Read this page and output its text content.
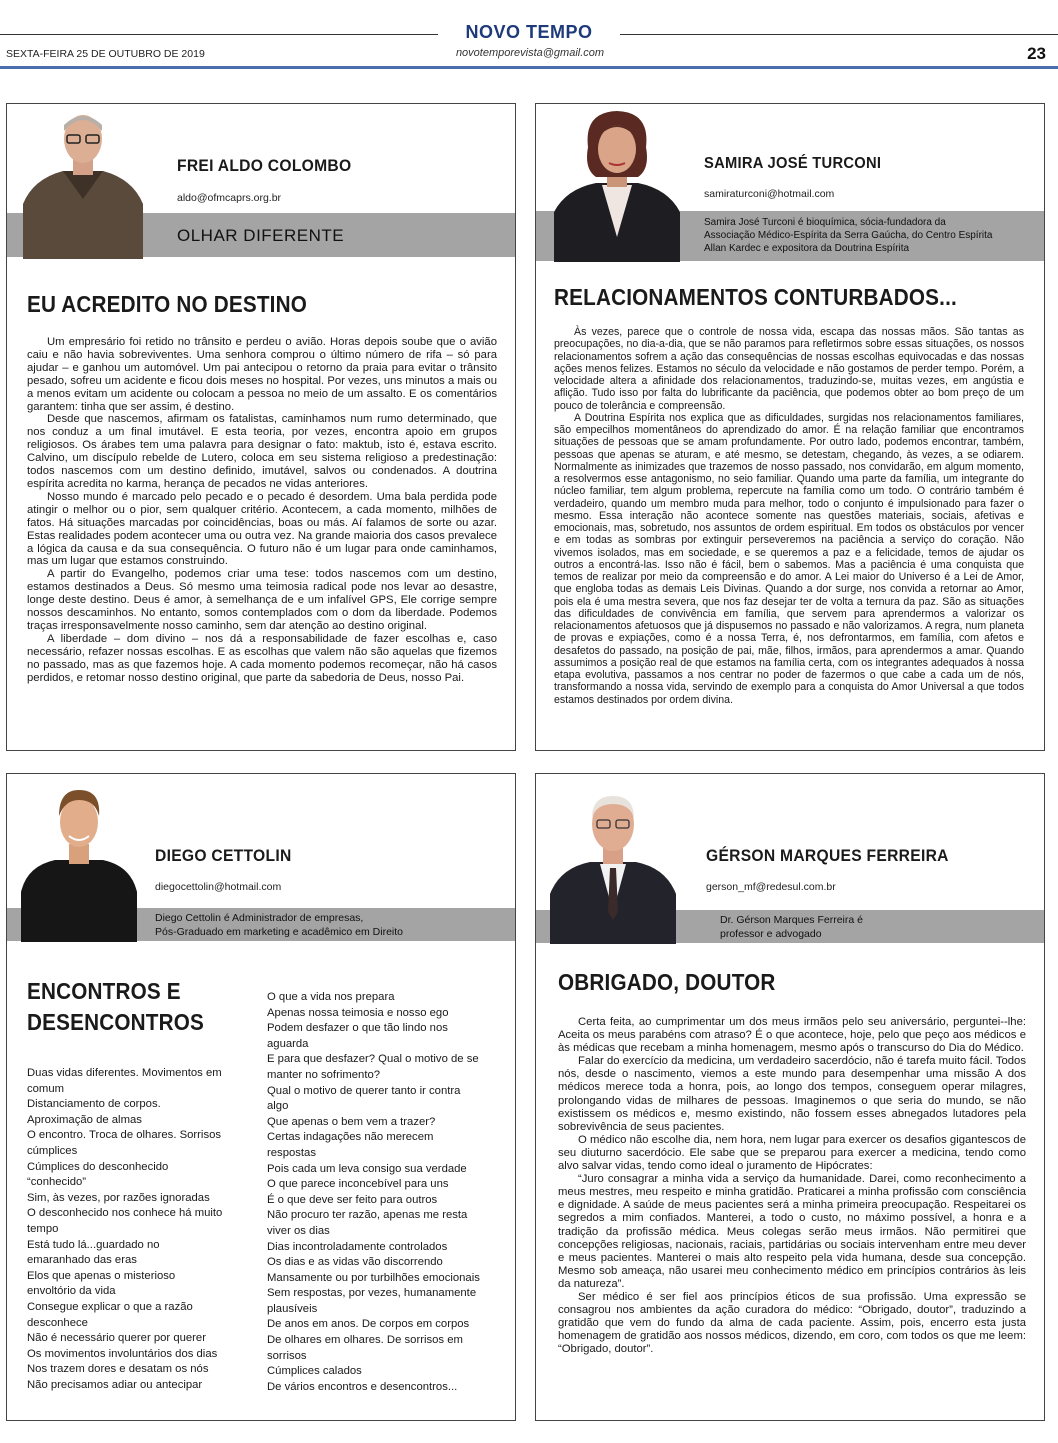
NOVO TEMPO
novotemporevista@gmail.com
SEXTA-FEIRA 25 DE OUTUBRO DE 2019	23
FREI ALDO COLOMBO
aldo@ofmcaprs.org.br
OLHAR DIFERENTE
EU ACREDITO NO DESTINO

Um empresário foi retido no trânsito e perdeu o avião. Horas depois soube que o avião caiu e não havia sobreviventes. Uma senhora comprou o último número de rifa – só para ajudar – e ganhou um automóvel. Um pai antecipou o retorno da praia para evitar o trânsito pesado, sofreu um acidente e ficou dois meses no hospital. Por vezes, uns minutos a mais ou a menos evitam um acidente ou colocam a pessoa no meio de um assalto. E os comentários garantem: tinha que ser assim, é destino.

Desde que nascemos, afirmam os fatalistas, caminhamos num rumo determinado, que nos conduz a um final imutável. E esta teoria, por vezes, encontra apoio em grupos religiosos. Os árabes tem uma palavra para designar o fato: maktub, isto é, estava escrito. Calvino, um discípulo rebelde de Lutero, coloca em seu sistema religioso a predestinação: todos nascemos com um destino definido, imutável, salvos ou condenados. A doutrina espírita acredita no karma, herança de pecados ne vidas anteriores.

Nosso mundo é marcado pelo pecado e o pecado é desordem. Uma bala perdida pode atingir o melhor ou o pior, sem qualquer critério. Acontecem, a cada momento, milhões de fatos. Há situações marcadas por coincidências, boas ou más. Aí falamos de sorte ou azar. Estas realidades podem acontecer uma ou outra vez. Na grande maioria dos casos prevalece a lógica da causa e da sua consequência. O futuro não é um lugar para onde caminhamos, mas um lugar que estamos construindo.

A partir do Evangelho, podemos criar uma tese: todos nascemos com um destino, estamos destinados a Deus. Só mesmo uma teimosia radical pode nos levar ao desastre, longe deste destino. Deus é amor, à semelhança de e um infalível GPS, Ele corrige sempre nossos descaminhos. No entanto, somos contemplados com o dom da liberdade. Podemos traças irresponsavelmente nosso caminho, sem dar atenção ao destino original.

A liberdade – dom divino – nos dá a responsabilidade de fazer escolhas e, caso necessário, refazer nossas escolhas. E as escolhas que valem não são aquelas que fizemos no passado, mas as que fazemos hoje. A cada momento podemos recomeçar, não há casos perdidos, e retomar nosso destino original, que parte da sabedoria de Deus, nosso Pai.

SAMIRA JOSÉ TURCONI
samiraturconi@hotmail.com
Samira José Turconi é bioquímica, sócia-fundadora da Associação Médico-Espírita da Serra Gaúcha, do Centro Espírita Allan Kardec e expositora da Doutrina Espírita
RELACIONAMENTOS CONTURBADOS...

Às vezes, parece que o controle de nossa vida, escapa das nossas mãos. São tantas as preocupações, no dia-a-dia, que se não paramos para refletirmos sobre essas situações, os nossos relacionamentos sofrem a ação das consequências de nossas escolhas equivocadas e das nossas ações menos felizes. Estamos no século da velocidade e não gostamos de perder tempo. Porém, a velocidade altera a afinidade dos relacionamentos, traduzindo-se, muitas vezes, em angústia e aflição. Tudo isso por falta do lubrificante da paciência, que podemos obter ao bom preço de um pouco de tolerância e compreensão.

A Doutrina Espírita nos explica que as dificuldades, surgidas nos relacionamentos familiares, são empecilhos momentâneos do aprendizado do amor. É na relação familiar que encontramos situações de pessoas que se amam profundamente. Por outro lado, podemos encontrar, também, pessoas que apenas se aturam, e até mesmo, se detestam, chegando, às vezes, a se odiarem. Normalmente as inimizades que trazemos de nosso passado, nos convidarão, em algum momento, a resolvermos esse antagonismo, no seio familiar. Quando uma parte da família, um integrante do núcleo familiar, tem algum problema, repercute na família como um todo. O contrário também é verdadeiro, quando um membro muda para melhor, todo o conjunto é impulsionado para fazer o mesmo. Essa interação não acontece somente nas questões materiais, sociais, afetivas e emocionais, mas, sobretudo, nos assuntos de ordem espiritual. Em todos os obstáculos por vencer e em todas as sombras por extinguir perseveremos na paciência a serviço do coração. Não vivemos isolados, mas em sociedade, e se queremos a paz e a felicidade, temos de ajudar os outros a encontrá-las. Isso não é fácil, bem o sabemos. Mas a paciência é uma conquista que temos de realizar por meio da compreensão e do amor. A Lei maior do Universo é a Lei de Amor, que engloba todas as demais Leis Divinas. Quando a dor surge, nos convida a retornar ao Amor, pois ela é uma mestra severa, que nos faz desejar ter de volta a ternura da paz. São as situações das dificuldades de convivência em família, que servem para aprendermos a valorizar os relacionamentos afetuosos que já dispusemos no passado e não valorizamos. A regra, num planeta de provas e expiações, como é a nossa Terra, é, nos defrontarmos, em família, com afetos e desafetos do passado, na posição de pai, mãe, filhos, irmãos, para aprendermos a amar. Quando assumimos a posição real de que estamos na família certa, com os integrantes adequados à nossa etapa evolutiva, passamos a nos centrar no poder de fazermos o que cabe a cada um de nós, transformando a nossa vida, servindo de exemplo para a conquista do Amor Universal a que todos estamos destinados por ordem divina.

DIEGO CETTOLIN
diegocettolin@hotmail.com
Diego Cettolin é Administrador de empresas,
Pós-Graduado em marketing e acadêmico em Direito
ENCONTROS E
DESENCONTROS
Duas vidas diferentes. Movimentos em
comum
Distanciamento de corpos.
Aproximação de almas
O encontro. Troca de olhares. Sorrisos
cúmplices
Cúmplices do desconhecido
“conhecido”
Sim, às vezes, por razões ignoradas
O desconhecido nos conhece há muito
tempo
Está tudo lá...guardado no
emaranhado das eras
Elos que apenas o misterioso
envoltório da vida
Consegue explicar o que a razão
desconhece
Não é necessário querer por querer
Os movimentos involuntários dos dias
Nos trazem dores e desatam os nós
Não precisamos adiar ou antecipar
O que a vida nos prepara
Apenas nossa teimosia e nosso ego
Podem desfazer o que tão lindo nos
aguarda
E para que desfazer? Qual o motivo de se
manter no sofrimento?
Qual o motivo de querer tanto ir contra
algo
Que apenas o bem vem a trazer?
Certas indagações não merecem
respostas
Pois cada um leva consigo sua verdade
O que parece inconcebível para uns
É o que deve ser feito para outros
Não procuro ter razão, apenas me resta
viver os dias
Dias incontroladamente controlados
Os dias e as vidas vão discorrendo
Mansamente ou por turbilhões emocionais
Sem respostas, por vezes, humanamente
plausíveis
De anos em anos. De corpos em corpos
De olhares em olhares. De sorrisos em
sorrisos
Cúmplices calados
De vários encontros e desencontros...
GÉRSON MARQUES FERREIRA
gerson_mf@redesul.com.br
Dr. Gérson Marques Ferreira é
professor e advogado
OBRIGADO, DOUTOR

Certa feita, ao cumprimentar um dos meus irmãos pelo seu aniversário, perguntei--lhe: Aceita os meus parabéns com atraso? É o que acontece, hoje, pelo que peço aos médicos e às médicas que recebam a minha homenagem, mesmo após o transcurso do Dia do Médico.

Falar do exercício da medicina, um verdadeiro sacerdócio, não é tarefa muito fácil. Todos nós, desde o nascimento, viemos a este mundo para desempenhar uma missão A dos médicos merece toda a honra, pois, ao longo dos tempos, conseguem operar milagres, prolongando vidas de milhares de pessoas. Imaginemos o que seria do mundo, se não existissem os médicos e, mesmo existindo, não fossem esses abnegados lutadores pela sobrevivência de seus pacientes.

O médico não escolhe dia, nem hora, nem lugar para exercer os desafios gigantescos de seu diuturno sacerdócio. Ele sabe que se preparou para exercer a medicina, tendo como alvo salvar vidas, tendo como ideal o juramento de Hipócrates:

“Juro consagrar a minha vida a serviço da humanidade. Darei, como reconhecimento a meus mestres, meu respeito e minha gratidão. Praticarei a minha profissão com consciência e dignidade. A saúde de meus pacientes será a minha primeira preocupação. Respeitarei os segredos a mim confiados. Manterei, a todo o custo, no máximo possível, a honra e a tradição da profissão médica. Meus colegas serão meus irmãos. Não permitirei que concepções religiosas, nacionais, raciais, partidárias ou sociais intervenham entre meu dever e meus pacientes. Manterei o mais alto respeito pela vida humana, desde sua concepção. Mesmo sob ameaça, não usarei meu conhecimento médico em princípios contrários às leis da natureza”.

Ser médico é ser fiel aos princípios éticos de sua profissão. Uma expressão se consagrou nos ambientes da ação curadora do médico: “Obrigado, doutor”, traduzindo a gratidão que vem do fundo da alma de cada paciente. Assim, pois, encerro esta justa homenagem de gratidão aos nossos médicos, dizendo, em coro, com todos os que me leem: “Obrigado, doutor”.
